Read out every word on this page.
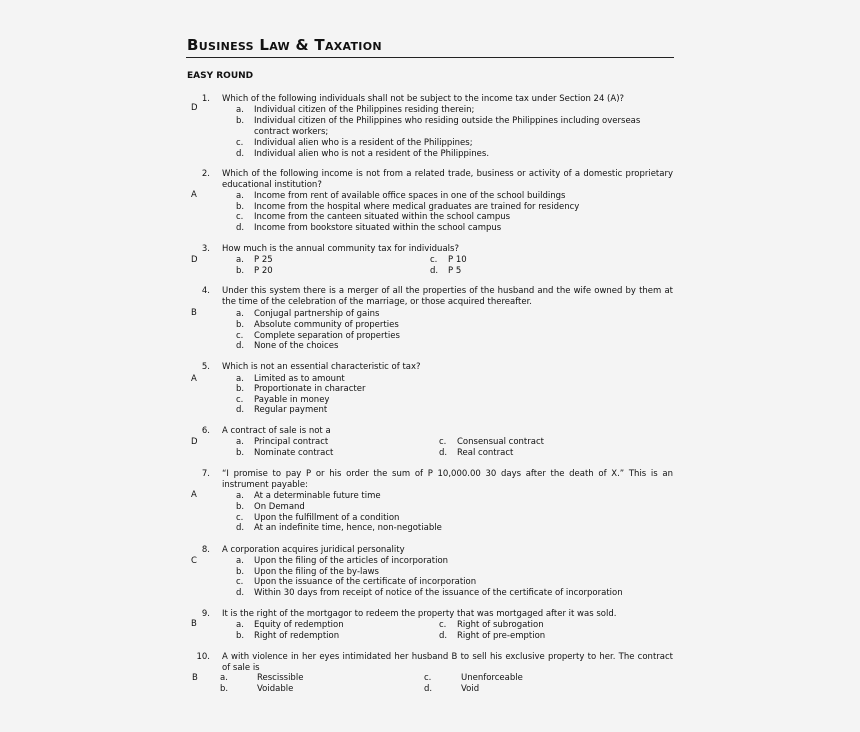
Business Law & Taxation
EASY ROUND
D
1. Which of the following individuals shall not be subject to the income tax under Section 24 (A)?
a. Individual citizen of the Philippines residing therein;
b. Individual citizen of the Philippines who residing outside the Philippines including overseas contract workers;
c. Individual alien who is a resident of the Philippines;
d. Individual alien who is not a resident of the Philippines.
A
2. Which of the following income is not from a related trade, business or activity of a domestic proprietary educational institution?
a. Income from rent of available office spaces in one of the school buildings
b. Income from the hospital where medical graduates are trained for residency
c. Income from the canteen situated within the school campus
d. Income from bookstore situated within the school campus
D
3. How much is the annual community tax for individuals?
a. P 25
b. P 20
c. P 10
d. P 5
B
4. Under this system there is a merger of all the properties of the husband and the wife owned by them at the time of the celebration of the marriage, or those acquired thereafter.
a. Conjugal partnership of gains
b. Absolute community of properties
c. Complete separation of properties
d. None of the choices
A
5. Which is not an essential characteristic of tax?
a. Limited as to amount
b. Proportionate in character
c. Payable in money
d. Regular payment
D
6. A contract of sale is not a
a. Principal contract
b. Nominate contract
c. Consensual contract
d. Real contract
A
7. “I promise to pay P or his order the sum of P 10,000.00 30 days after the death of X.” This is an instrument payable:
a. At a determinable future time
b. On Demand
c. Upon the fulfillment of a condition
d. At an indefinite time, hence, non-negotiable
C
8. A corporation acquires juridical personality
a. Upon the filing of the articles of incorporation
b. Upon the filing of the by-laws
c. Upon the issuance of the certificate of incorporation
d. Within 30 days from receipt of notice of the issuance of the certificate of incorporation
B
9. It is the right of the mortgagor to redeem the property that was mortgaged after it was sold.
a. Equity of redemption
b. Right of redemption
c. Right of subrogation
d. Right of pre-emption
B
10. A with violence in her eyes intimidated her husband B to sell his exclusive property to her. The contract of sale is
a.	Rescissible
b.	Voidable
c.	Unenforceable
d.	Void
